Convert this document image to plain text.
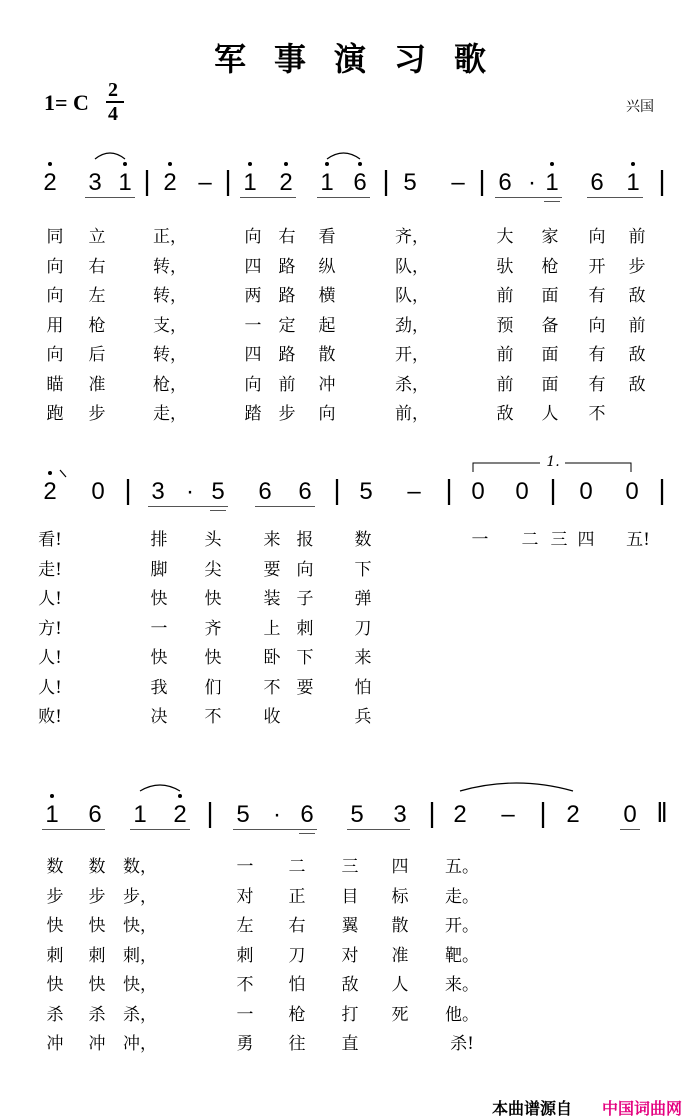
军事演习歌
1= C 2
4	兴国
2 3 1 | 2 – | 1 2 1 6 | 5 – | 6 · 1 6 1 |
同 立	正，	向 右 看	齐，	大 家 向 前
向 右	转，	四 路 纵	队，	驮 枪 开 步
向 左	转，	两 路 横	队，	前 面 有 敌
用 枪	支，	一 定 起	劲，	预 备 向 前
向 后	转，	四 路 散	开，	前 面 有 敌
瞄 准	枪，	向 前 冲	杀，	前 面 有 敌
跑 步	走，	踏 步 向	前，	敌 人 不
2 0 | 3 · 5 6 6 | 5 – | 0 0 | 0 0 |
看!	排 头 来 报 数	一 二 三 四 五!
走!	脚 尖 要 向 下
人!	快 快 装 子 弹
方!	一 齐 上 刺 刀
人!	快 快 卧 下 来
人!	我 们 不 要 怕
败!	决 不 收	兵
1 6 1 2 | 5 · 6 5 3 | 2 – | 2 0 ‖
数 数 数，	一 二 三 四 五。
步 步 步，	对 正 目 标 走。
快 快 快，	左 右 翼 散 开。
刺 刺 刺，	刺 刀 对 准 靶。
快 快 快，	不 怕 敌 人 来。
杀 杀 杀，	一 枪 打 死 他。
冲 冲 冲，	勇 往 直	杀!
1.
本曲谱源自 中国词曲网
